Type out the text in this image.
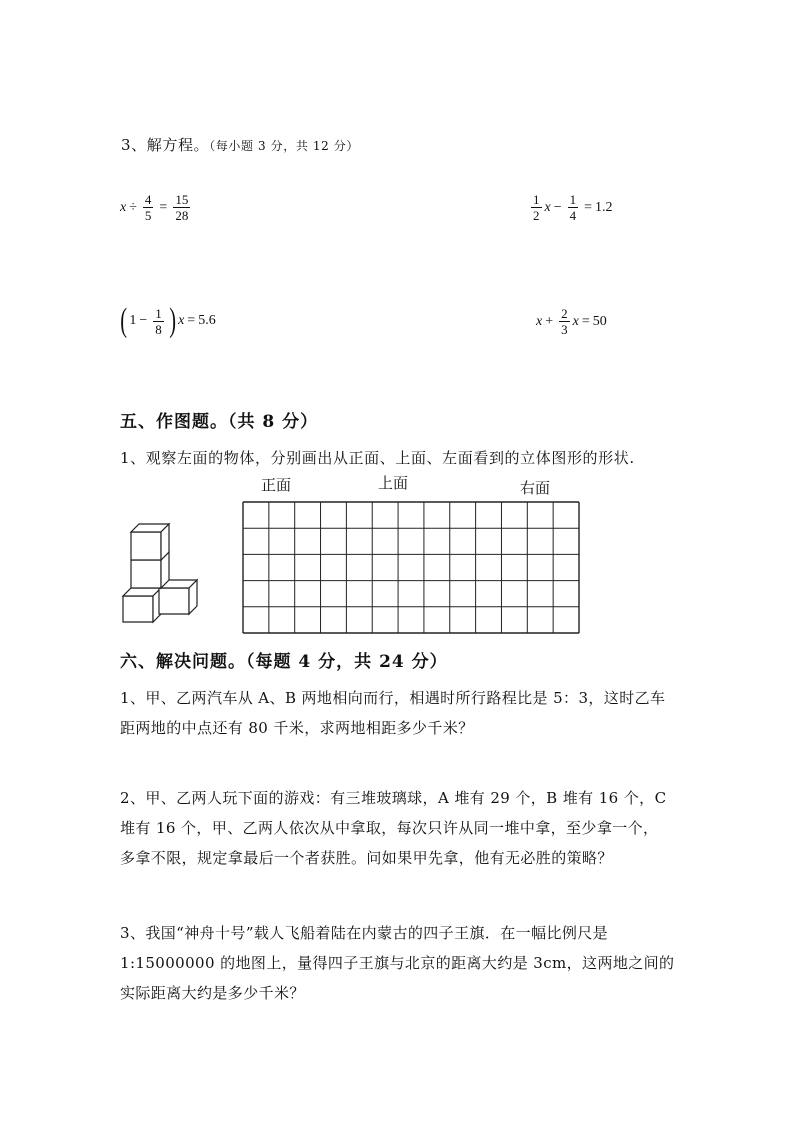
3、解方程。（每小题 3 分，共 12 分）
$x \div \frac{4}{5} = \frac{15}{28}$	$\frac{1}{2}$ $x - \frac{1}{4} = 1.2$
( $1 - \frac{1}{8}$ ) x = 5.6	$x + \frac{2}{3}$ x = 50
五、作图题。（共 8 分）
1、观察左面的物体，分别画出从正面、上面、左面看到的立体图形的形状.
正面	上面	右面
六、解决问题。（每题 4 分，共 24 分）
1、甲、乙两汽车从 A、B 两地相向而行，相遇时所行路程比是 5：3，这时乙车
距两地的中点还有 80 千米，求两地相距多少千米？
2、甲、乙两人玩下面的游戏：有三堆玻璃球，A 堆有 29 个，B 堆有 16 个，C
堆有 16 个，甲、乙两人依次从中拿取，每次只许从同一堆中拿，至少拿一个，
多拿不限，规定拿最后一个者获胜。问如果甲先拿，他有无必胜的策略？
3、我国“神舟十号”载人飞船着陆在内蒙古的四子王旗．在一幅比例尺是
1:15000000 的地图上，量得四子王旗与北京的距离大约是 3cm，这两地之间的
实际距离大约是多少千米？
